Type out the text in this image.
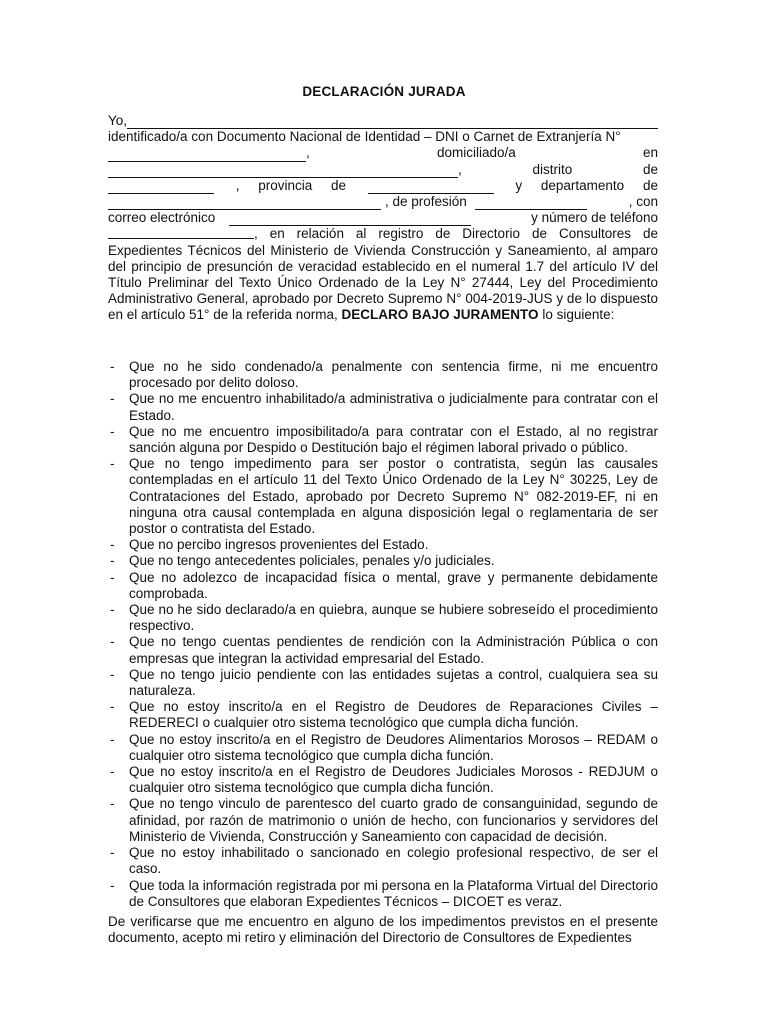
DECLARACIÓN JURADA
Yo,
identificado/a con Documento Nacional de Identidad – DNI o Carnet de Extranjería N°
,	domiciliado/a	en
,	distrito	de
,     provincia     de	y     departamento     de
, de profesión	, con
correo electrónico	y número de teléfono
, en relación al registro de Directorio de Consultores de Expedientes Técnicos del Ministerio de Vivienda Construcción y Saneamiento, al amparo del principio de presunción de veracidad establecido en el numeral 1.7 del artículo IV del Título Preliminar del Texto Único Ordenado de la Ley N° 27444, Ley del Procedimiento Administrativo General, aprobado por Decreto Supremo N° 004-2019-JUS y de lo dispuesto en el artículo 51° de la referida norma, DECLARO BAJO JURAMENTO lo siguiente:
- Que no he sido condenado/a penalmente con sentencia firme, ni me encuentro procesado por delito doloso.
- Que no me encuentro inhabilitado/a administrativa o judicialmente para contratar con el Estado.
- Que no me encuentro imposibilitado/a para contratar con el Estado, al no registrar sanción alguna por Despido o Destitución bajo el régimen laboral privado o público.
- Que no tengo impedimento para ser postor o contratista, según las causales contempladas en el artículo 11 del Texto Único Ordenado de la Ley N° 30225, Ley de Contrataciones del Estado, aprobado por Decreto Supremo N° 082-2019-EF, ni en ninguna otra causal contemplada en alguna disposición legal o reglamentaria de ser postor o contratista del Estado.
- Que no percibo ingresos provenientes del Estado.
- Que no tengo antecedentes policiales, penales y/o judiciales.
- Que no adolezco de incapacidad física o mental, grave y permanente debidamente comprobada.
- Que no he sido declarado/a en quiebra, aunque se hubiere sobreseído el procedimiento respectivo.
- Que no tengo cuentas pendientes de rendición con la Administración Pública o con empresas que integran la actividad empresarial del Estado.
- Que no tengo juicio pendiente con las entidades sujetas a control, cualquiera sea su naturaleza.
- Que no estoy inscrito/a en el Registro de Deudores de Reparaciones Civiles – REDERECI o cualquier otro sistema tecnológico que cumpla dicha función.
- Que no estoy inscrito/a en el Registro de Deudores Alimentarios Morosos – REDAM o cualquier otro sistema tecnológico que cumpla dicha función.
- Que no estoy inscrito/a en el Registro de Deudores Judiciales Morosos - REDJUM o cualquier otro sistema tecnológico que cumpla dicha función.
- Que no tengo vinculo de parentesco del cuarto grado de consanguinidad, segundo de afinidad, por razón de matrimonio o unión de hecho, con funcionarios y servidores del Ministerio de Vivienda, Construcción y Saneamiento con capacidad de decisión.
- Que no estoy inhabilitado o sancionado en colegio profesional respectivo, de ser el caso.
- Que toda la información registrada por mi persona en la Plataforma Virtual del Directorio de Consultores que elaboran Expedientes Técnicos – DICOET es veraz.
De verificarse que me encuentro en alguno de los impedimentos previstos en el presente documento, acepto mi retiro y eliminación del Directorio de Consultores de Expedientes
